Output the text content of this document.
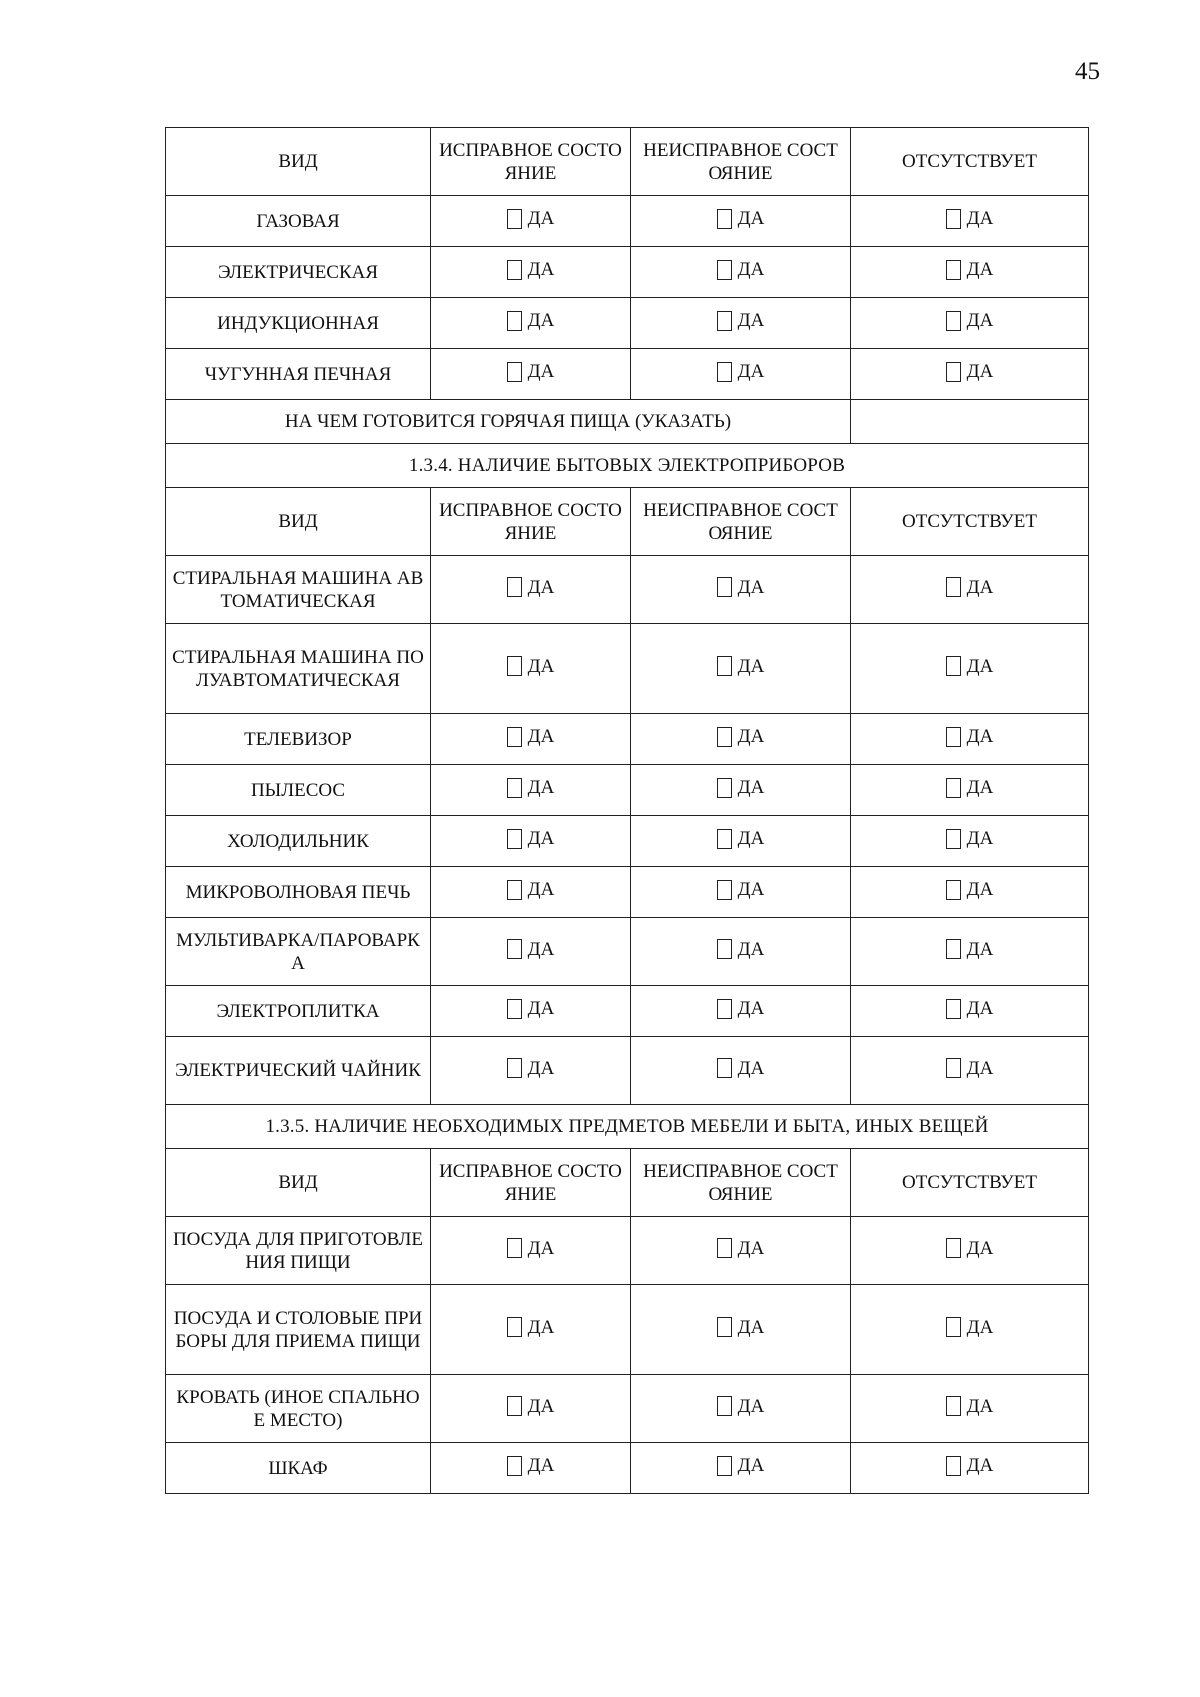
45
ВИД	ИСПРАВНОЕ СОСТОЯНИЕ	НЕИСПРАВНОЕ СОСТОЯНИЕ	ОТСУТСТВУЕТ
ГАЗОВАЯ	ДА	ДА	ДА

ЭЛЕКТРИЧЕСКАЯ	ДА	ДА	ДА

ИНДУКЦИОННАЯ	ДА	ДА	ДА

ЧУГУННАЯ ПЕЧНАЯ	ДА	ДА	ДА

НА ЧЕМ ГОТОВИТСЯ ГОРЯЧАЯ ПИЩА (УКАЗАТЬ)			
1.3.4. НАЛИЧИЕ БЫТОВЫХ ЭЛЕКТРОПРИБОРОВ			
ВИД	ИСПРАВНОЕ СОСТОЯНИЕ	НЕИСПРАВНОЕ СОСТОЯНИЕ	ОТСУТСТВУЕТ
СТИРАЛЬНАЯ МАШИНА АВТОМАТИЧЕСКАЯ	ДА	ДА	ДА

СТИРАЛЬНАЯ МАШИНА ПОЛУАВТОМАТИЧЕСКАЯ	ДА	ДА	ДА

ТЕЛЕВИЗОР	ДА	ДА	ДА

ПЫЛЕСОС	ДА	ДА	ДА

ХОЛОДИЛЬНИК	ДА	ДА	ДА

МИКРОВОЛНОВАЯ ПЕЧЬ	ДА	ДА	ДА

МУЛЬТИВАРКА/ПАРОВАРКА	ДА	ДА	ДА

ЭЛЕКТРОПЛИТКА	ДА	ДА	ДА

ЭЛЕКТРИЧЕСКИЙ ЧАЙНИК	ДА	ДА	ДА

1.3.5. НАЛИЧИЕ НЕОБХОДИМЫХ ПРЕДМЕТОВ МЕБЕЛИ И БЫТА, ИНЫХ ВЕЩЕЙ			
ВИД	ИСПРАВНОЕ СОСТОЯНИЕ	НЕИСПРАВНОЕ СОСТОЯНИЕ	ОТСУТСТВУЕТ
ПОСУДА ДЛЯ ПРИГОТОВЛЕНИЯ ПИЩИ	ДА	ДА	ДА

ПОСУДА И СТОЛОВЫЕ ПРИБОРЫ ДЛЯ ПРИЕМА ПИЩИ	ДА	ДА	ДА

КРОВАТЬ (ИНОЕ СПАЛЬНОЕ МЕСТО)	ДА	ДА	ДА

ШКАФ	ДА	ДА	ДА
